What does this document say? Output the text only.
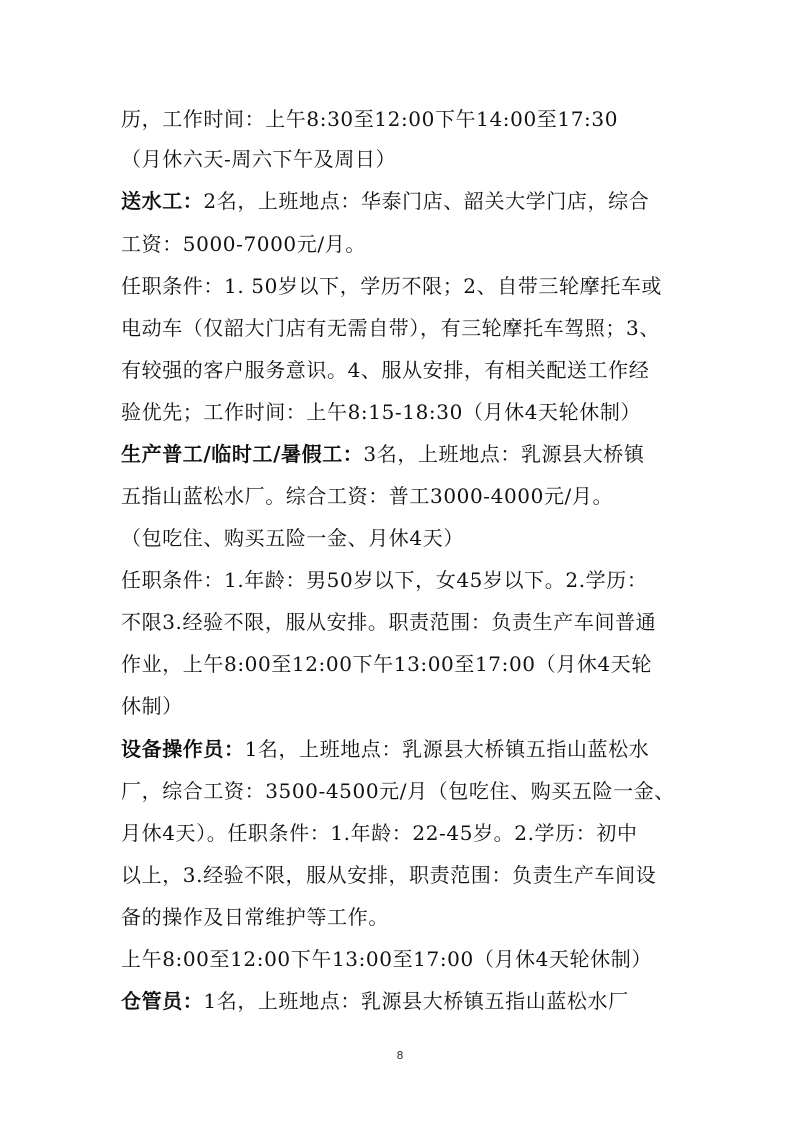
历，工作时间：上午8:30至12:00下午14:00至17:30
（月休六天-周六下午及周日）
送水工：2名，上班地点：华泰门店、韶关大学门店，综合
工资：5000-7000元/月。
任职条件：1. 50岁以下，学历不限；2、自带三轮摩托车或
电动车（仅韶大门店有无需自带），有三轮摩托车驾照；3、
有较强的客户服务意识。4、服从安排，有相关配送工作经
验优先；工作时间：上午8:15-18:30（月休4天轮休制）
生产普工/临时工/暑假工：3名，上班地点：乳源县大桥镇
五指山蓝松水厂。综合工资：普工3000-4000元/月。
（包吃住、购买五险一金、月休4天）
任职条件：1.年龄：男50岁以下，女45岁以下。2.学历：
不限3.经验不限，服从安排。职责范围：负责生产车间普通
作业，上午8:00至12:00下午13:00至17:00（月休4天轮
休制）
设备操作员：1名，上班地点：乳源县大桥镇五指山蓝松水
厂，综合工资：3500-4500元/月（包吃住、购买五险一金、
月休4天）。任职条件：1.年龄：22-45岁。2.学历：初中
以上，3.经验不限，服从安排，职责范围：负责生产车间设
备的操作及日常维护等工作。
上午8:00至12:00下午13:00至17:00（月休4天轮休制）
仓管员：1名，上班地点：乳源县大桥镇五指山蓝松水厂
8
